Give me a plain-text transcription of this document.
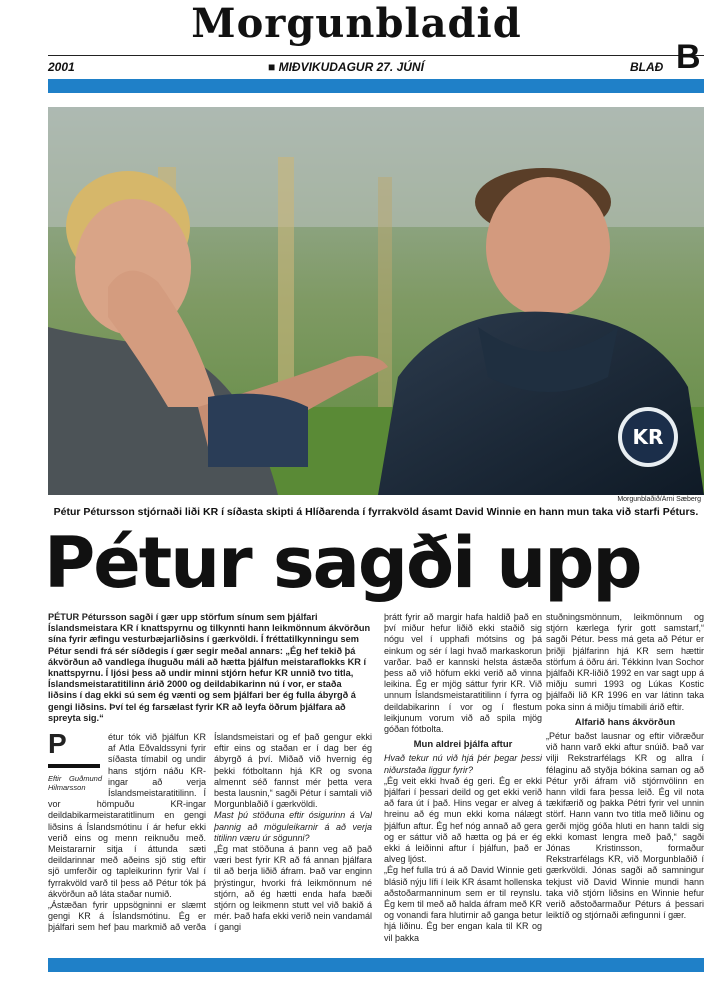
Morgunbladid
2001	■ MIÐVIKUDAGUR 27. JÚNÍ	BLAÐ B
KR
Morgunblaðið/Árni Sæberg
Pétur Pétursson stjórnaði liði KR í síðasta skipti á Hlíðarenda í fyrrakvöld ásamt David Winnie en hann mun taka við starfi Péturs.
Pétur sagði upp
PÉTUR Pétursson sagði í gær upp störfum sínum sem þjálfari Íslandsmeistara KR í knattspyrnu og tilkynnti hann leikmönnum ákvörðun sína fyrir æfingu vesturbæjarliðsins í gærkvöldi. Í fréttatilkynningu sem Pétur sendi frá sér síðdegis í gær segir meðal annars: „Ég hef tekið þá ákvörðun að vandlega íhuguðu máli að hætta þjálfun meistaraflokks KR í knattspyrnu. Í ljósi þess að undir minni stjórn hefur KR unnið tvo titla, Íslandsmeistaratitilinn árið 2000 og deildabikarinn nú í vor, er staða liðsins í dag ekki sú sem ég vænti og sem þjálfari ber ég fulla ábyrgð á gengi liðsins. Því tel ég farsælast fyrir KR að leyfa öðrum þjálfara að spreyta sig.“
P
Eftir Guðmund Hilmarsson

étur tók við þjálfun KR af Atla Eðvaldssyni fyrir síðasta tímabil og undir hans stjórn náðu KR-ingar að verja Íslandsmeistaratitilinn. Í vor hömpuðu KR-ingar deildabikarmeistaratitlinum en gengi liðsins á Íslandsmótinu í ár hefur ekki verið eins og menn reiknuðu með. Meistararnir sitja í áttunda sæti deildarinnar með aðeins sjö stig eftir sjö umferðir og tapleikurinn fyrir Val í fyrrakvöld varð til þess að Pétur tók þá ákvörðun að láta staðar numið.

„Ástæðan fyrir uppsögninni er slæmt gengi KR á Íslandsmótinu. Ég er þjálfari sem hef þau markmið að verða Íslandsmeistari og ef það gengur ekki eftir eins og staðan er í dag ber ég ábyrgð á því. Miðað við hvernig ég þekki fótboltann hjá KR og svona almennt séð fannst mér þetta vera besta lausnin,“ sagði Pétur í samtali við Morgunblaðið í gærkvöldi.

Mast þú stöðuna eftir ósigurinn á Val þannig að möguleikarnir á að verja titilinn væru úr sögunni?

„Ég mat stöðuna á þann veg að það væri best fyrir KR að fá annan þjálfara til að berja liðið áfram. Það var enginn þrýstingur, hvorki frá leikmönnum né stjórn, að ég hætti enda hafa bæði stjórn og leikmenn stutt vel við bakið á mér. Það hafa ekki verið nein vandamál í gangi

þrátt fyrir að margir hafa haldið það en því miður hefur liðið ekki staðið sig nógu vel í upphafi mótsins og þá einkum og sér í lagi hvað markaskorun varðar. Það er kannski helsta ástæða þess að við höfum ekki verið að vinna leikina. Ég er mjög sáttur fyrir KR. Við unnum Íslandsmeistaratitilinn í fyrra og deildabikarinn í vor og í flestum leikjunum vorum við að spila mjög góðan fótbolta.

Mun aldrei þjálfa aftur

Hvað tekur nú við hjá þér þegar þessi niðurstaða liggur fyrir?

„Ég veit ekki hvað ég geri. Ég er ekki þjálfari í þessari deild og get ekki verið að fara út í það. Hins vegar er alveg á hreinu að ég mun ekki koma nálægt þjálfun aftur. Ég hef nóg annað að gera og er sáttur við að hætta og þá er ég ekki á leiðinni aftur í þjálfun, það er alveg ljóst.

„Ég hef fulla trú á að David Winnie geti blásið nýju lífi í leik KR ásamt hollenska aðstoðarmanninum sem er til reynslu. Ég kem til með að halda áfram með KR og vonandi fara hlutirnir að ganga betur hjá liðinu. Ég ber engan kala til KR og vil þakka

stuðningsmönnum, leikmönnum og stjórn kærlega fyrir gott samstarf,“ sagði Pétur. Þess má geta að Pétur er þriðji þjálfarinn hjá KR sem hættir störfum á öðru ári. Tékkinn Ivan Sochor þjálfaði KR-liðið 1992 en var sagt upp á miðju sumri 1993 og Lúkas Kostic þjálfaði lið KR 1996 en var látinn taka poka sinn á miðju tímabili árið eftir.

Alfarið hans ákvörðun

„Pétur baðst lausnar og eftir viðræður við hann varð ekki aftur snúið. Það var vilji Rekstrarfélags KR og allra í félaginu að styðja bókina saman og að Pétur yrði áfram við stjórnvölinn en hann vildi fara þessa leið. Ég vil nota tækifærið og þakka Pétri fyrir vel unnin störf. Hann vann tvo titla með liðinu og gerði mjög góða hluti en hann taldi sig ekki komast lengra með það,“ sagði Jónas Kristinsson, formaður Rekstrarfélags KR, við Morgunblaðið í gærkvöldi. Jónas sagði að samningur tekjust við David Winnie mundi hann taka við stjórn liðsins en Winnie hefur verið aðstoðarmaður Péturs á þessari leiktíð og stjórnaði æfingunni í gær.
